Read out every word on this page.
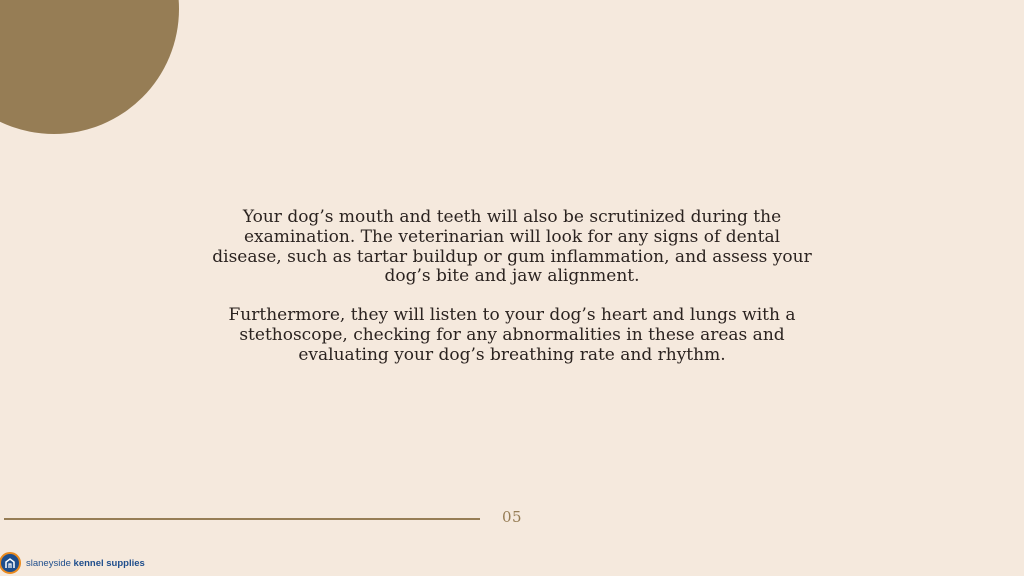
Your dog’s mouth and teeth will also be scrutinized during the examination. The veterinarian will look for any signs of dental disease, such as tartar buildup or gum inflammation, and assess your dog’s bite and jaw alignment.

Furthermore, they will listen to your dog’s heart and lungs with a stethoscope, checking for any abnormalities in these areas and evaluating your dog’s breathing rate and rhythm.

05
slaneyside kennel supplies
